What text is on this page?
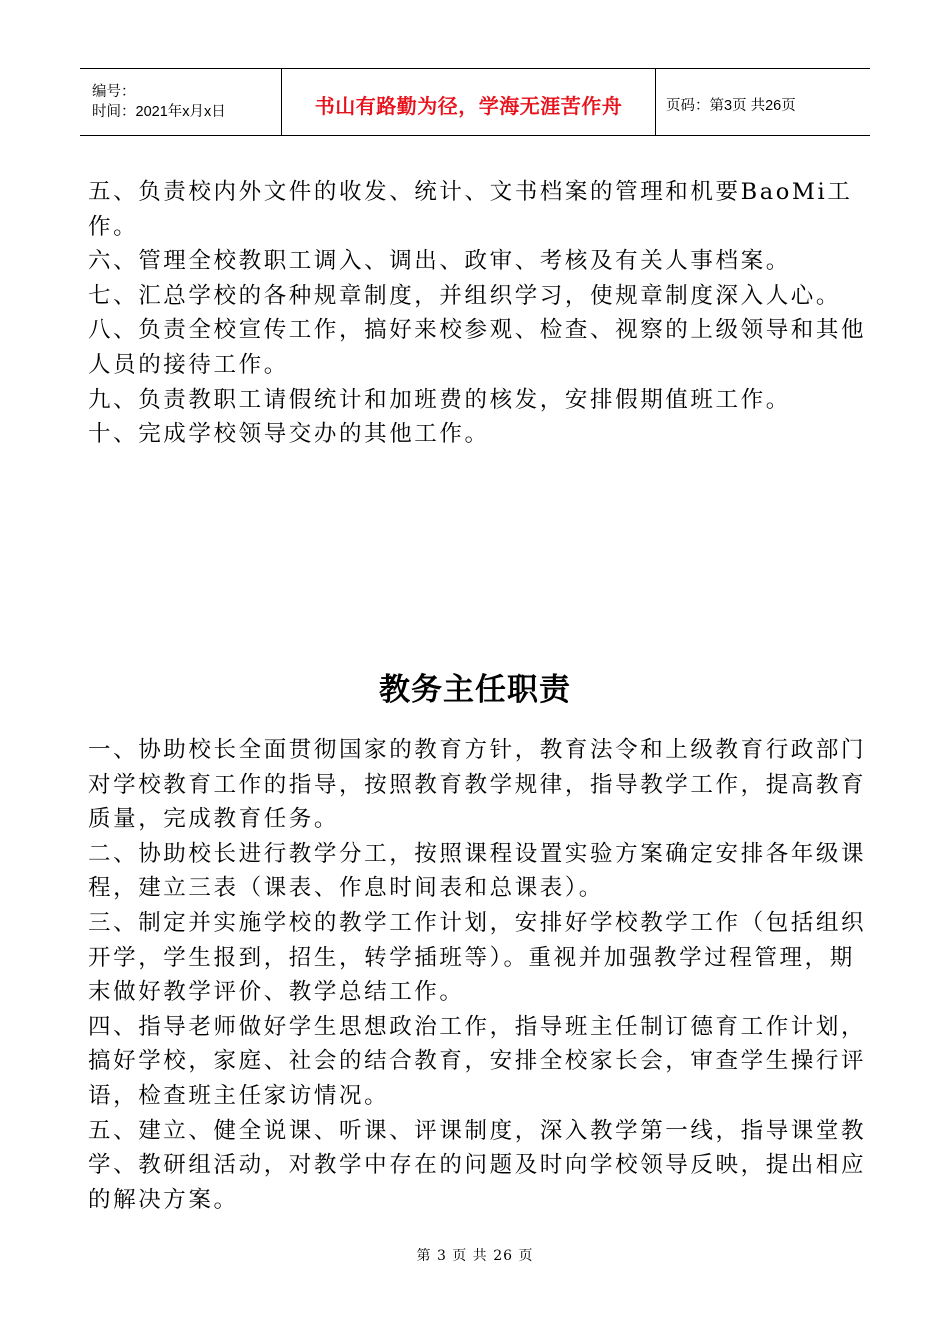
编号：
时间：2021年x月x日	书山有路勤为径，学海无涯苦作舟	页码：第3页 共26页

五、负责校内外文件的收发、统计、文书档案的管理和机要BaoMi工作。

六、管理全校教职工调入、调出、政审、考核及有关人事档案。

七、汇总学校的各种规章制度，并组织学习，使规章制度深入人心。

八、负责全校宣传工作，搞好来校参观、检查、视察的上级领导和其他人员的接待工作。

九、负责教职工请假统计和加班费的核发，安排假期值班工作。

十、完成学校领导交办的其他工作。

教务主任职责

一、协助校长全面贯彻国家的教育方针，教育法令和上级教育行政部门对学校教育工作的指导，按照教育教学规律，指导教学工作，提高教育质量，完成教育任务。

二、协助校长进行教学分工，按照课程设置实验方案确定安排各年级课程，建立三表（课表、作息时间表和总课表）。

三、制定并实施学校的教学工作计划，安排好学校教学工作（包括组织开学，学生报到，招生，转学插班等）。重视并加强教学过程管理，期末做好教学评价、教学总结工作。

四、指导老师做好学生思想政治工作，指导班主任制订德育工作计划，搞好学校，家庭、社会的结合教育，安排全校家长会，审查学生操行评语，检查班主任家访情况。

五、建立、健全说课、听课、评课制度，深入教学第一线，指导课堂教学、教研组活动，对教学中存在的问题及时向学校领导反映，提出相应的解决方案。

第 3 页 共 26 页
